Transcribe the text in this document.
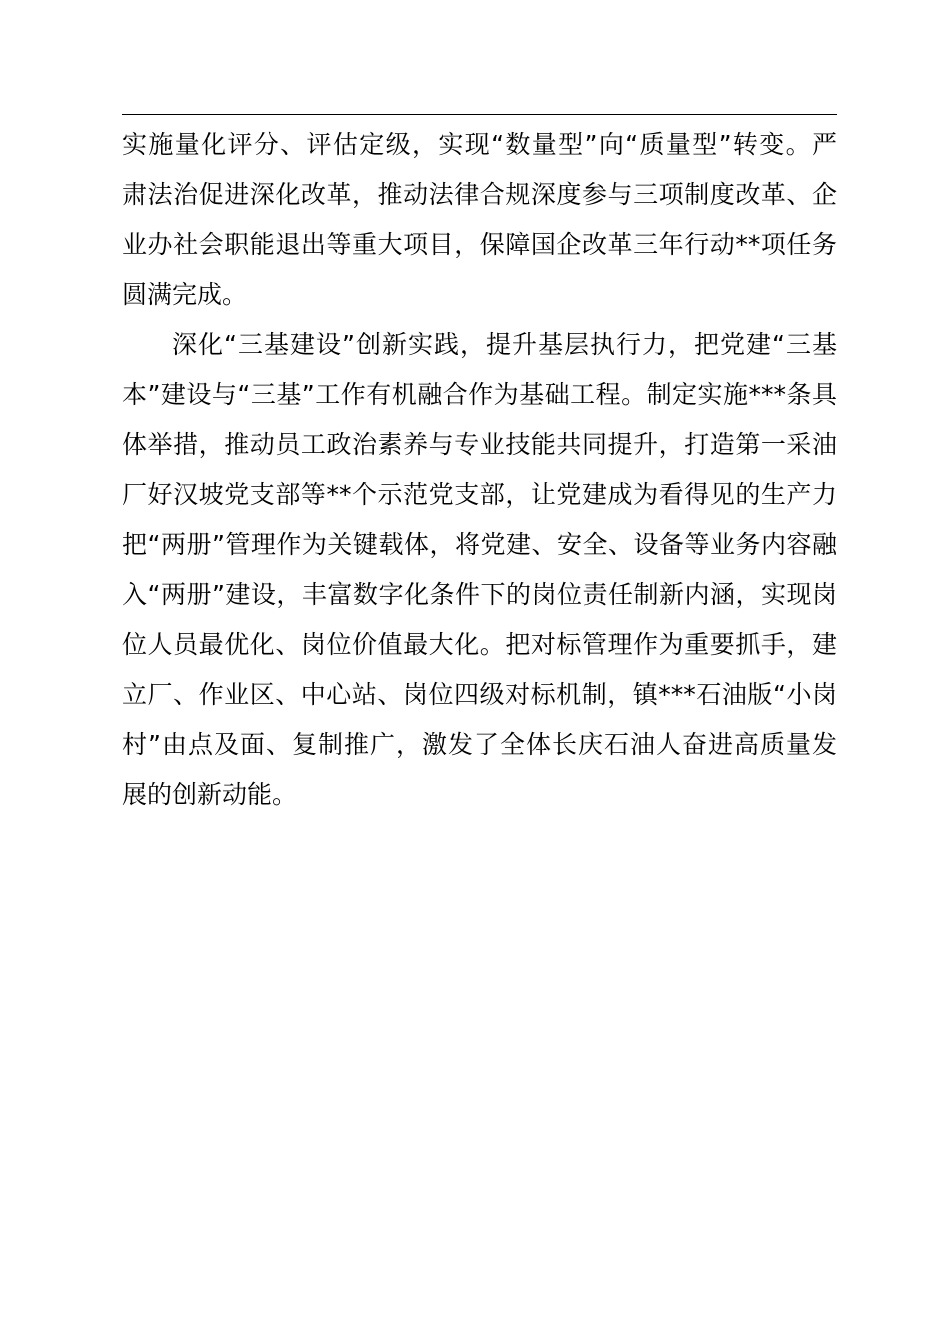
实施量化评分、评估定级，实现“数量型”向“质量型”转变。严
肃法治促进深化改革，推动法律合规深度参与三项制度改革、企
业办社会职能退出等重大项目，保障国企改革三年行动**项任务
圆满完成。
深化“三基建设”创新实践，提升基层执行力，把党建“三基
本”建设与“三基”工作有机融合作为基础工程。制定实施***条具
体举措，推动员工政治素养与专业技能共同提升，打造第一采油
厂好汉坡党支部等**个示范党支部，让党建成为看得见的生产力
把“两册”管理作为关键载体，将党建、安全、设备等业务内容融
入“两册”建设，丰富数字化条件下的岗位责任制新内涵，实现岗
位人员最优化、岗位价值最大化。把对标管理作为重要抓手，建
立厂、作业区、中心站、岗位四级对标机制，镇***石油版“小岗
村”由点及面、复制推广，激发了全体长庆石油人奋进高质量发
展的创新动能。
